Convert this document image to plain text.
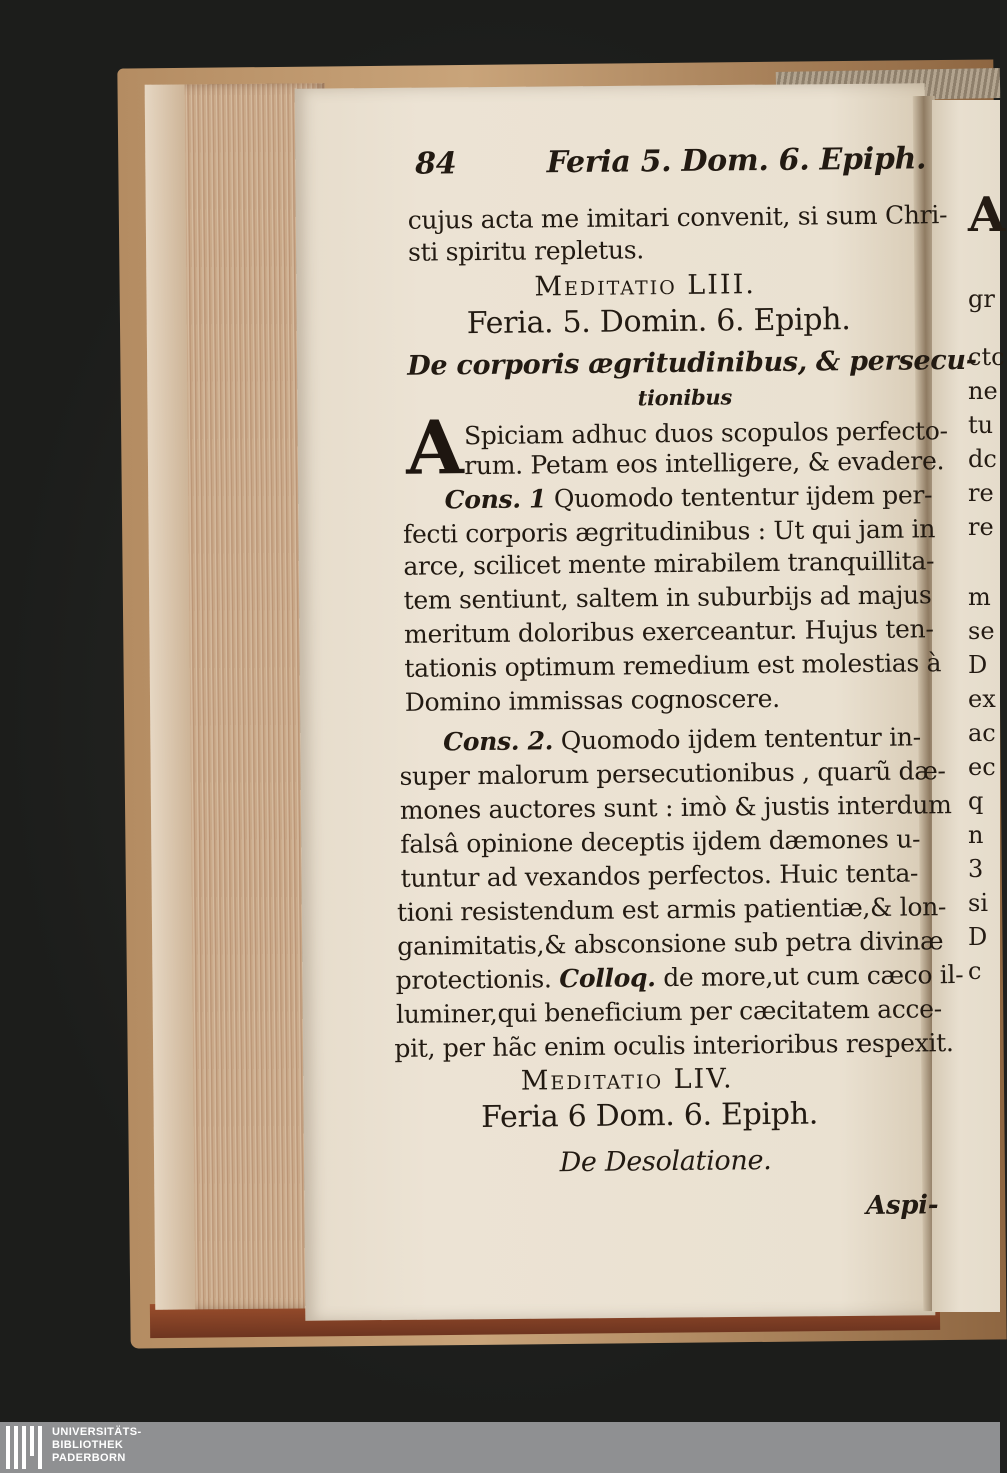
84	Feria 5. Dom. 6. Epiph.
cujus acta me imitari convenit, si sum Chri-
sti spiritu repletus.
Meditatio LIII.
Feria. 5. Domin. 6. Epiph.
De corporis ægritudinibus, & persecu-
tionibus
A Spiciam adhuc duos scopulos perfecto-
rum. Petam eos intelligere, & evadere.
Cons. 1 Quomodo tententur ijdem per-
fecti corporis ægritudinibus : Ut qui jam in
arce, scilicet mente mirabilem tranquillita-
tem sentiunt, saltem in suburbijs ad majus
meritum doloribus exerceantur. Hujus ten-
tationis optimum remedium est molestias à
Domino immissas cognoscere.
Cons. 2. Quomodo ijdem tententur in-
super malorum persecutionibus , quarũ dæ-
mones auctores sunt : imò & justis interdum
falsâ opinione deceptis ijdem dæmones u-
tuntur ad vexandos perfectos. Huic tenta-
tioni resistendum est armis patientiæ,& lon-
ganimitatis,& absconsione sub petra divinæ
protectionis. Colloq. de more,ut cum cæco il-
luminer,qui beneficium per cæcitatem acce-
pit, per hãc enim oculis interioribus respexit.
Meditatio LIV.
Feria 6 Dom. 6. Epiph.
De Desolatione.
Aspi-
A
gr
ctc
ne
tu
dc
re
re
m
se
D
ex
ac
ec
q
n
3
si
D
c
UNIVERSITÄTS-
BIBLIOTHEK
PADERBORN
